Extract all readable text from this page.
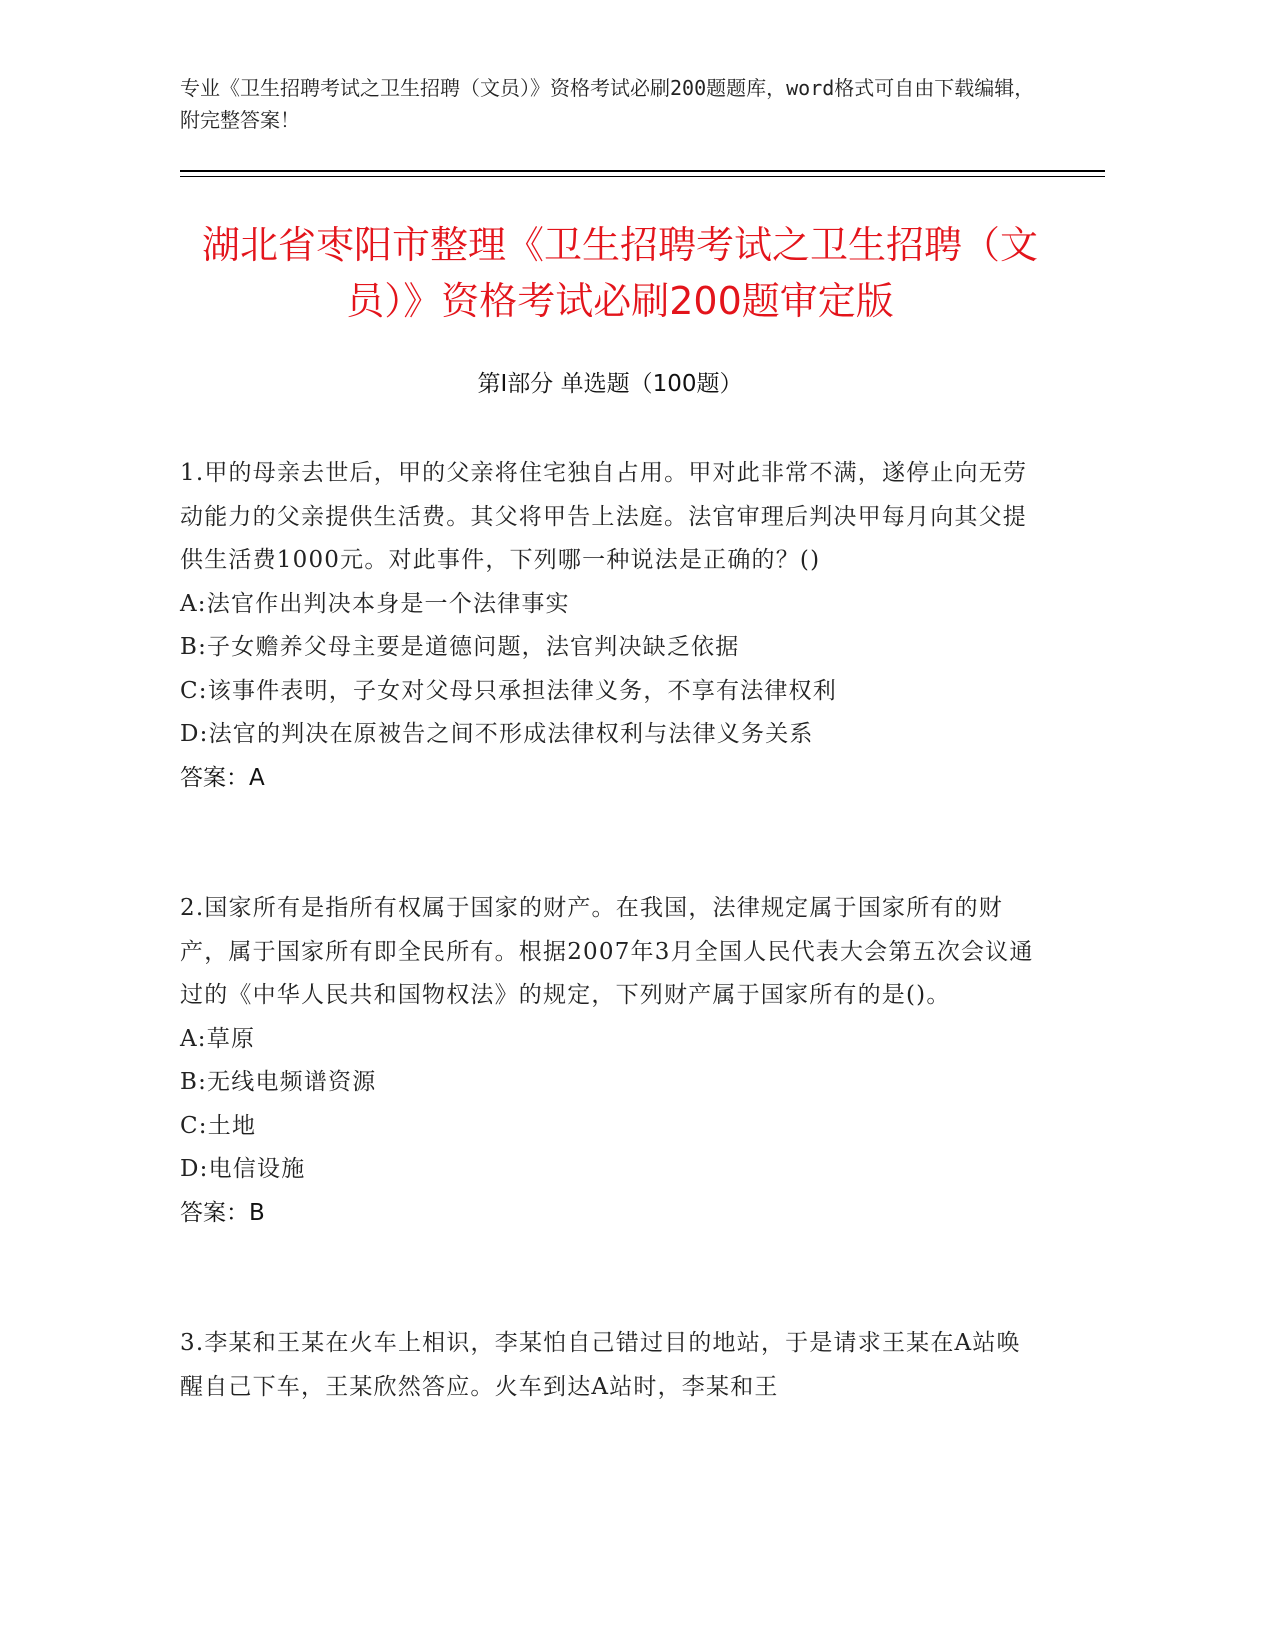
专业《卫生招聘考试之卫生招聘（文员）》资格考试必刷200题题库，word格式可自由下载编辑，附完整答案！
湖北省枣阳市整理《卫生招聘考试之卫生招聘（文员）》资格考试必刷200题审定版
第Ⅰ部分 单选题（100题）
1.甲的母亲去世后，甲的父亲将住宅独自占用。甲对此非常不满，遂停止向无劳动能力的父亲提供生活费。其父将甲告上法庭。法官审理后判决甲每月向其父提供生活费1000元。对此事件，下列哪一种说法是正确的？()
A:法官作出判决本身是一个法律事实
B:子女赡养父母主要是道德问题，法官判决缺乏依据
C:该事件表明，子女对父母只承担法律义务，不享有法律权利
D:法官的判决在原被告之间不形成法律权利与法律义务关系
答案：A
2.国家所有是指所有权属于国家的财产。在我国，法律规定属于国家所有的财产，属于国家所有即全民所有。根据2007年3月全国人民代表大会第五次会议通过的《中华人民共和国物权法》的规定，下列财产属于国家所有的是()。
A:草原
B:无线电频谱资源
C:土地
D:电信设施
答案：B
3.李某和王某在火车上相识，李某怕自己错过目的地站，于是请求王某在A站唤醒自己下车，王某欣然答应。火车到达A站时，李某和王
